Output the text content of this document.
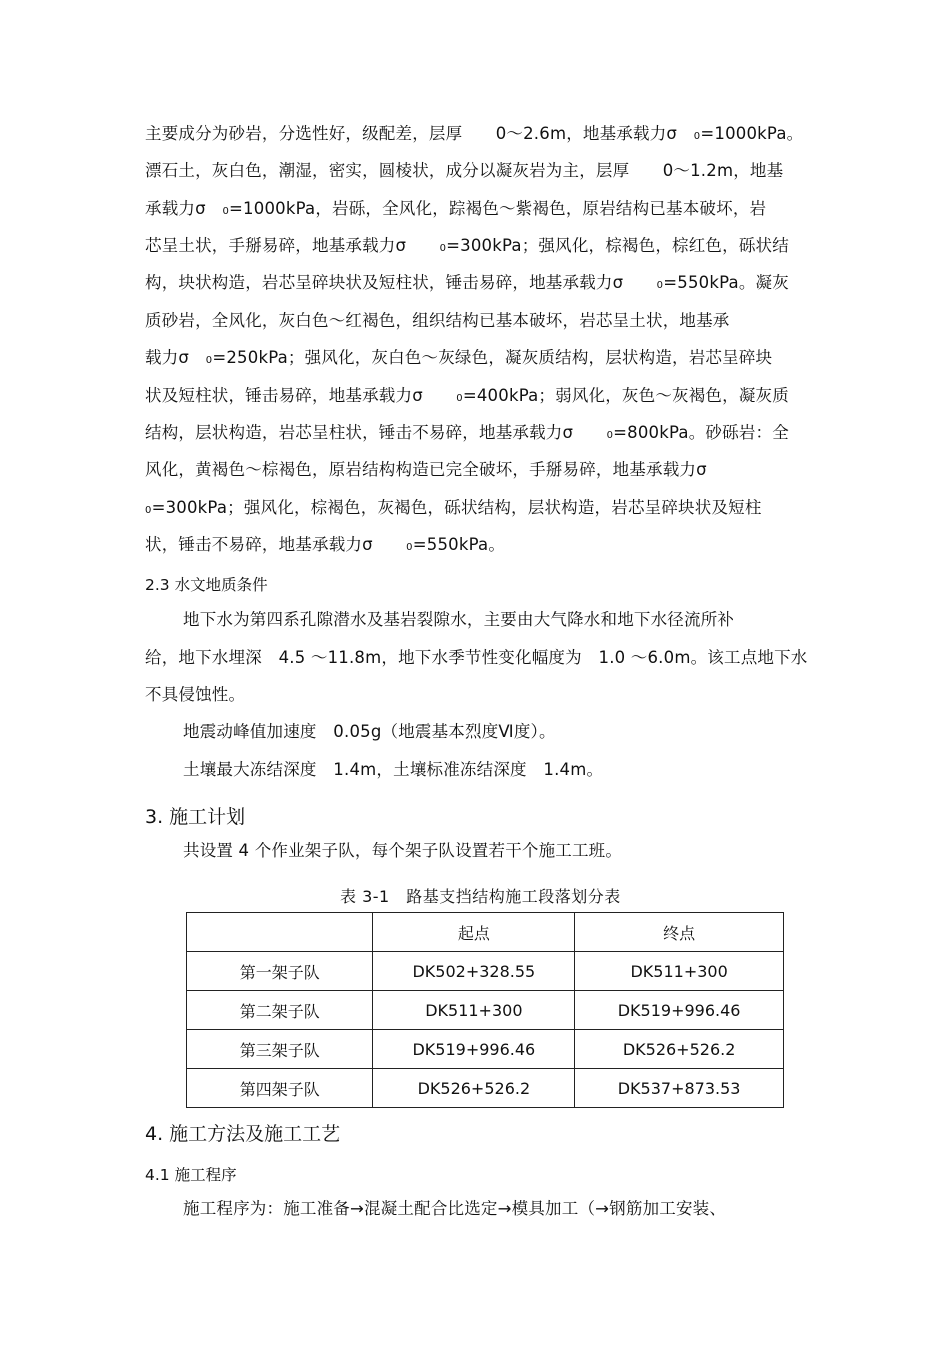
主要成分为砂岩，分选性好，级配差，层厚　　0～2.6m，地基承载力σ　0=1000kPa。
漂石土，灰白色，潮湿，密实，圆棱状，成分以凝灰岩为主，层厚　　0～1.2m，地基
承载力σ　0=1000kPa，岩砾，全风化，踪褐色～紫褐色，原岩结构已基本破坏，岩
芯呈土状，手掰易碎，地基承载力σ　　0=300kPa；强风化，棕褐色，棕红色，砾状结
构，块状构造，岩芯呈碎块状及短柱状，锤击易碎，地基承载力σ　　0=550kPa。凝灰
质砂岩，全风化，灰白色～红褐色，组织结构已基本破坏，岩芯呈土状，地基承
载力σ　0=250kPa；强风化，灰白色～灰绿色，凝灰质结构，层状构造，岩芯呈碎块
状及短柱状，锤击易碎，地基承载力σ　　0=400kPa；弱风化，灰色～灰褐色，凝灰质
结构，层状构造，岩芯呈柱状，锤击不易碎，地基承载力σ　　0=800kPa。砂砾岩：全
风化，黄褐色～棕褐色，原岩结构构造已完全破坏，手掰易碎，地基承载力σ
0=300kPa；强风化，棕褐色，灰褐色，砾状结构，层状构造，岩芯呈碎块状及短柱
状，锤击不易碎，地基承载力σ　　0=550kPa。
2.3 水文地质条件
地下水为第四系孔隙潜水及基岩裂隙水，主要由大气降水和地下水径流所补
给，地下水埋深　4.5 ～11.8m，地下水季节性变化幅度为　1.0 ～6.0m。该工点地下水
不具侵蚀性。
地震动峰值加速度　0.05g（地震基本烈度Ⅵ度）。
土壤最大冻结深度　1.4m，土壤标准冻结深度　1.4m。
3. 施工计划
共设置 4 个作业架子队，每个架子队设置若干个施工工班。
表 3-1　路基支挡结构施工段落划分表
	起点	终点
第一架子队	DK502+328.55	DK511+300
第二架子队	DK511+300	DK519+996.46
第三架子队	DK519+996.46	DK526+526.2
第四架子队	DK526+526.2	DK537+873.53
4. 施工方法及施工工艺
4.1 施工程序
施工程序为：施工准备→混凝土配合比选定→模具加工（→钢筋加工安装、
